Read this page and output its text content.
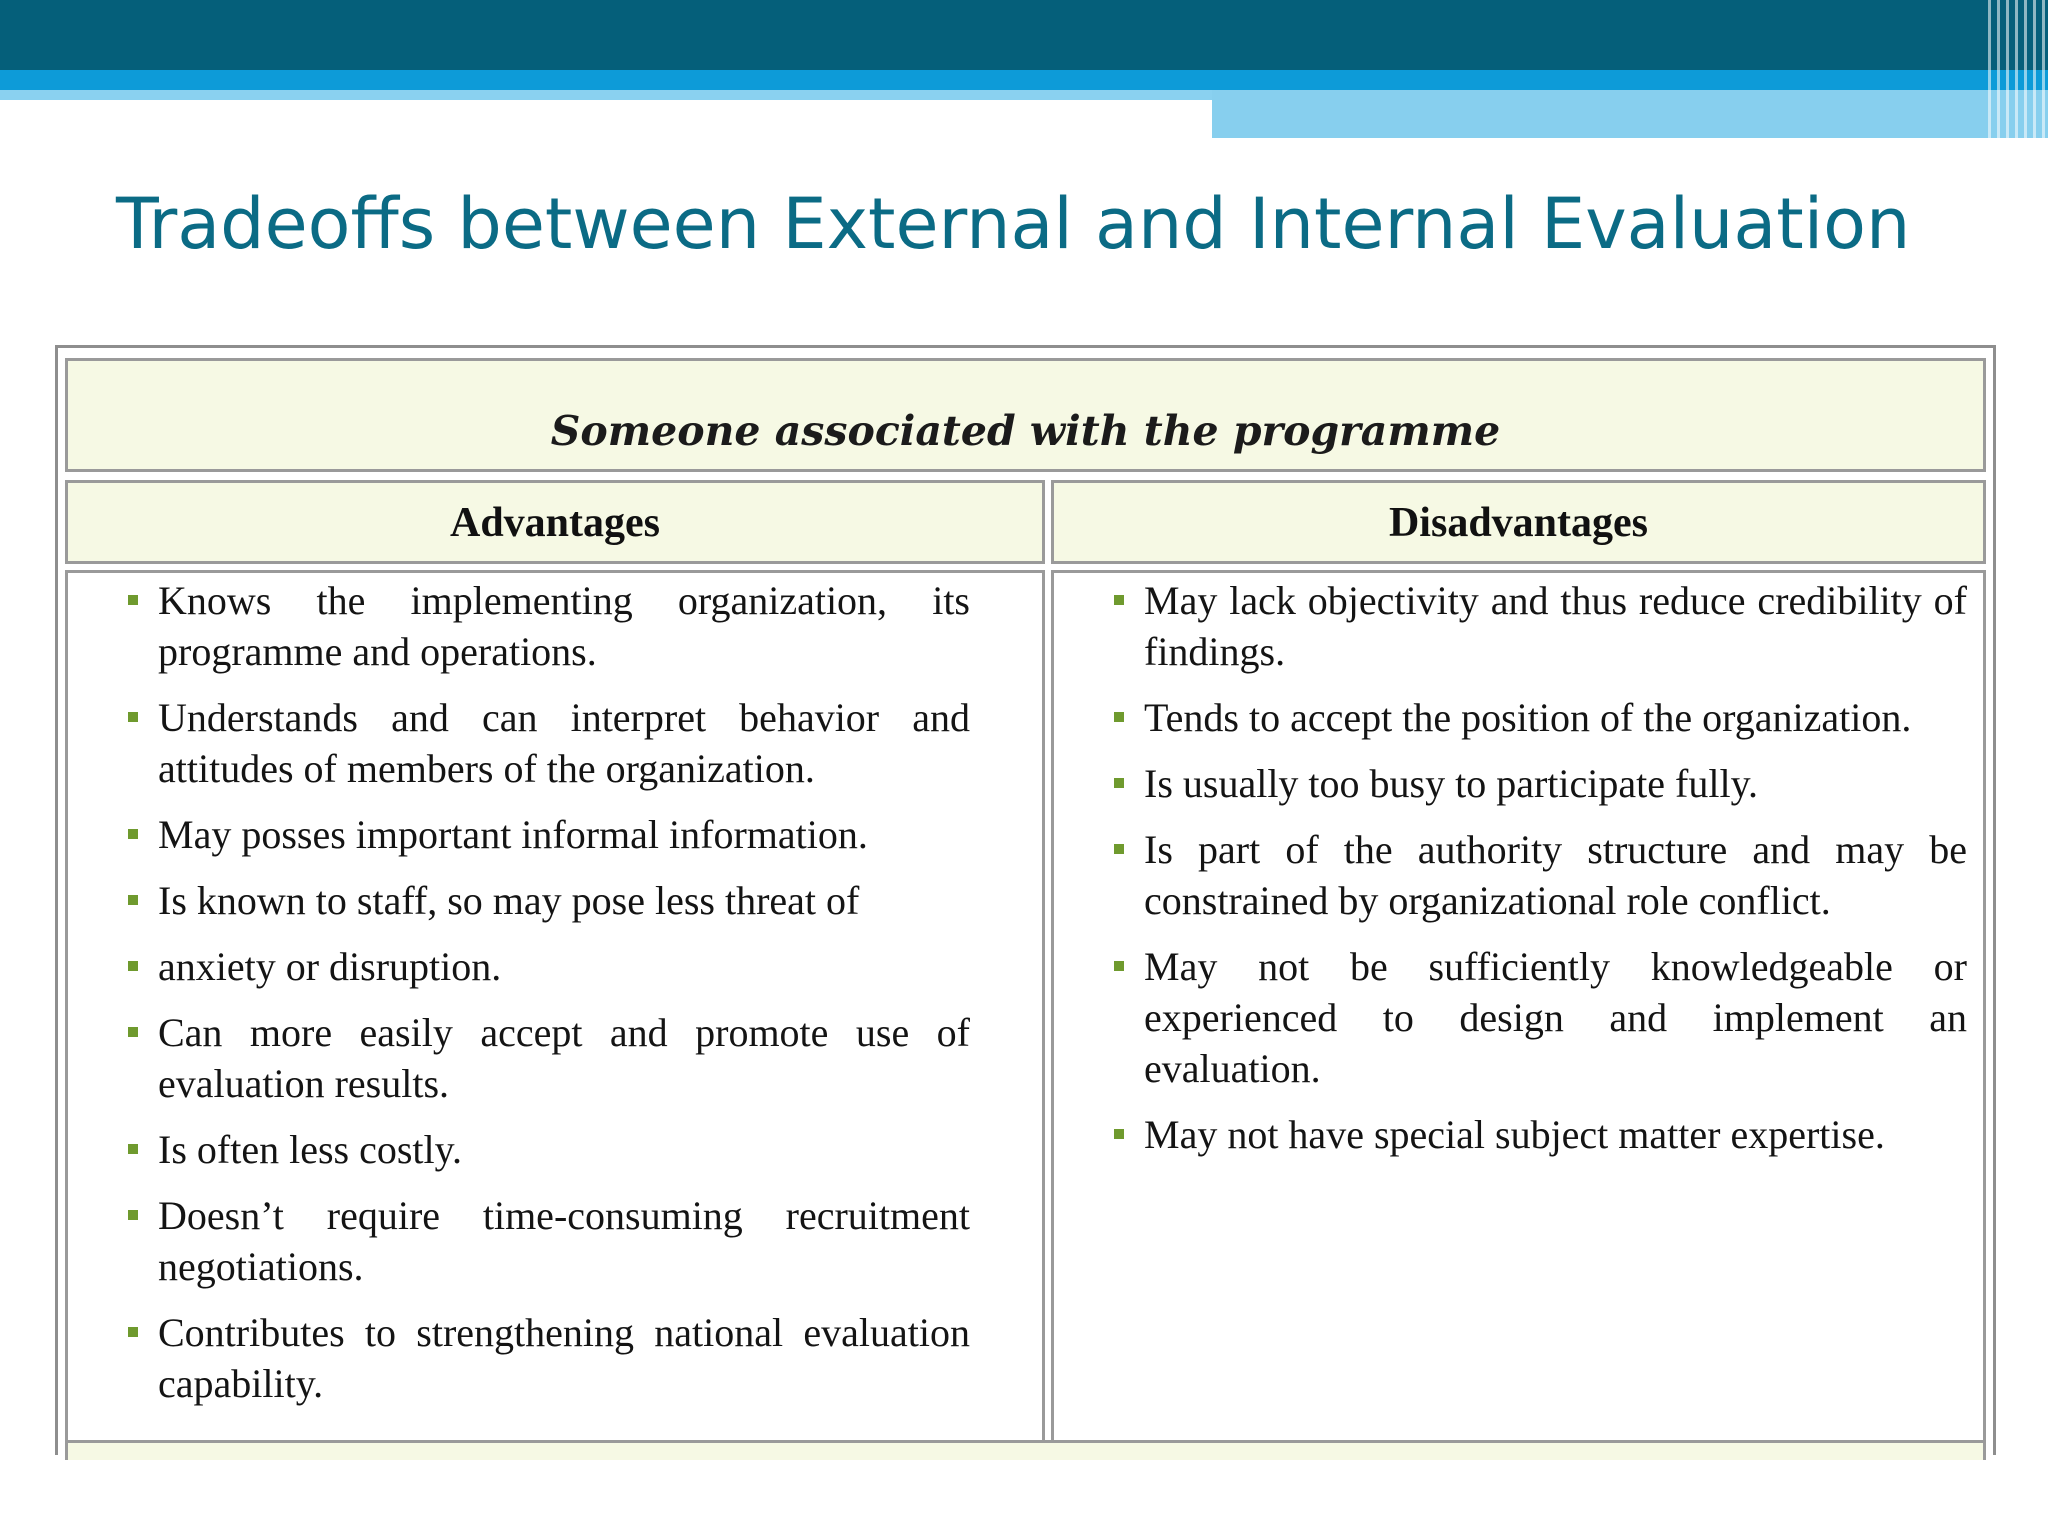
Tradeoffs between External and Internal Evaluation
Someone associated with the programme
Advantages	Disadvantages
Knows the implementing organization, its programme and operations.
Understands and can interpret behavior and attitudes of members of the organization.
May posses important informal information.
Is known to staff, so may pose less threat of
anxiety or disruption.
Can more easily accept and promote use of evaluation results.
Is often less costly.
Doesn’t require time-consuming recruitment negotiations.
Contributes to strengthening national evaluation capability.
May lack objectivity and thus reduce credibility of findings.
Tends to accept the position of the organization.
Is usually too busy to participate fully.
Is part of the authority structure and may be constrained by organizational role conflict.
May not be sufficiently knowledgeable or experienced to design and implement an evaluation.
May not have special subject matter expertise.
